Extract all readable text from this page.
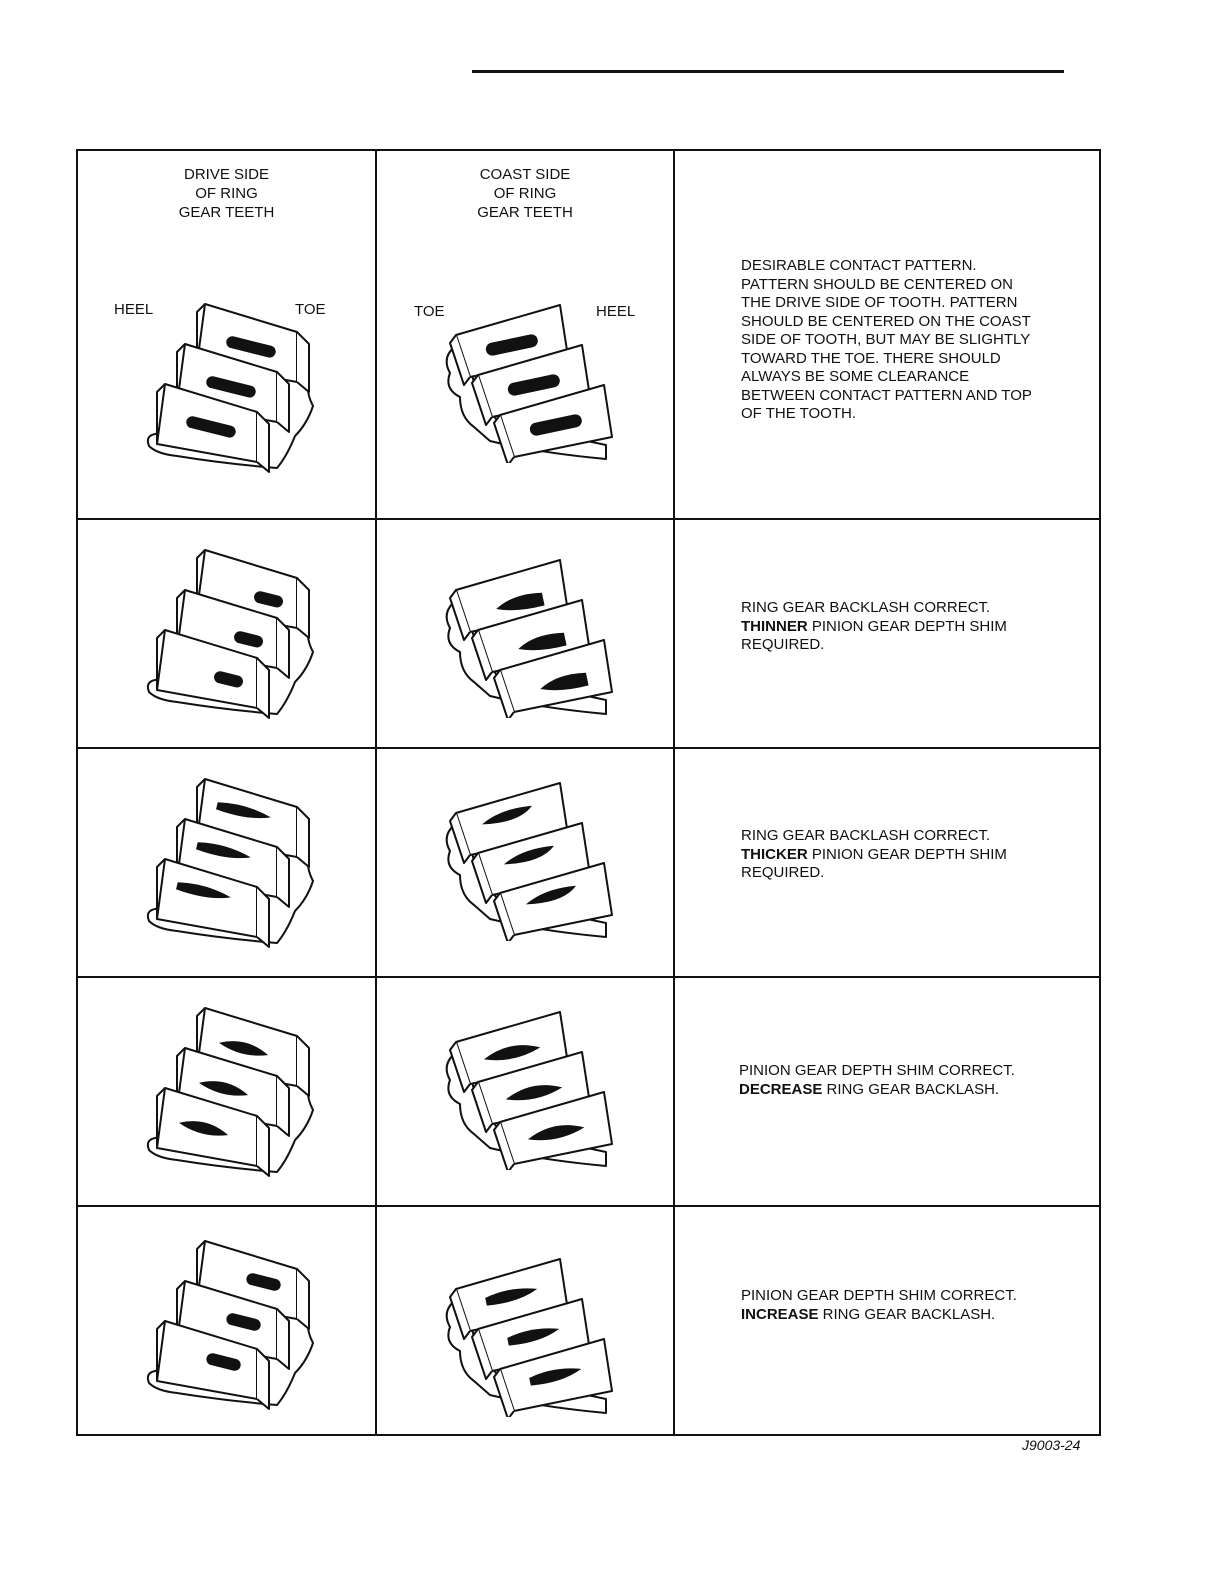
DRIVE SIDE
OF RING
GEAR TEETH
HEEL	TOE
COAST SIDE
OF RING
GEAR TEETH
TOE	HEEL
DESIRABLE CONTACT PATTERN. PATTERN SHOULD BE CENTERED ON THE DRIVE SIDE OF TOOTH. PATTERN SHOULD BE CENTERED ON THE COAST SIDE OF TOOTH, BUT MAY BE SLIGHTLY TOWARD THE TOE. THERE SHOULD ALWAYS BE SOME CLEARANCE BETWEEN CONTACT PATTERN AND TOP OF THE TOOTH.
RING GEAR BACKLASH CORRECT. THINNER PINION GEAR DEPTH SHIM REQUIRED.
RING GEAR BACKLASH CORRECT. THICKER PINION GEAR DEPTH SHIM REQUIRED.
PINION GEAR DEPTH SHIM CORRECT. DECREASE RING GEAR BACKLASH.
PINION GEAR DEPTH SHIM CORRECT. INCREASE RING GEAR BACKLASH.
J9003-24
